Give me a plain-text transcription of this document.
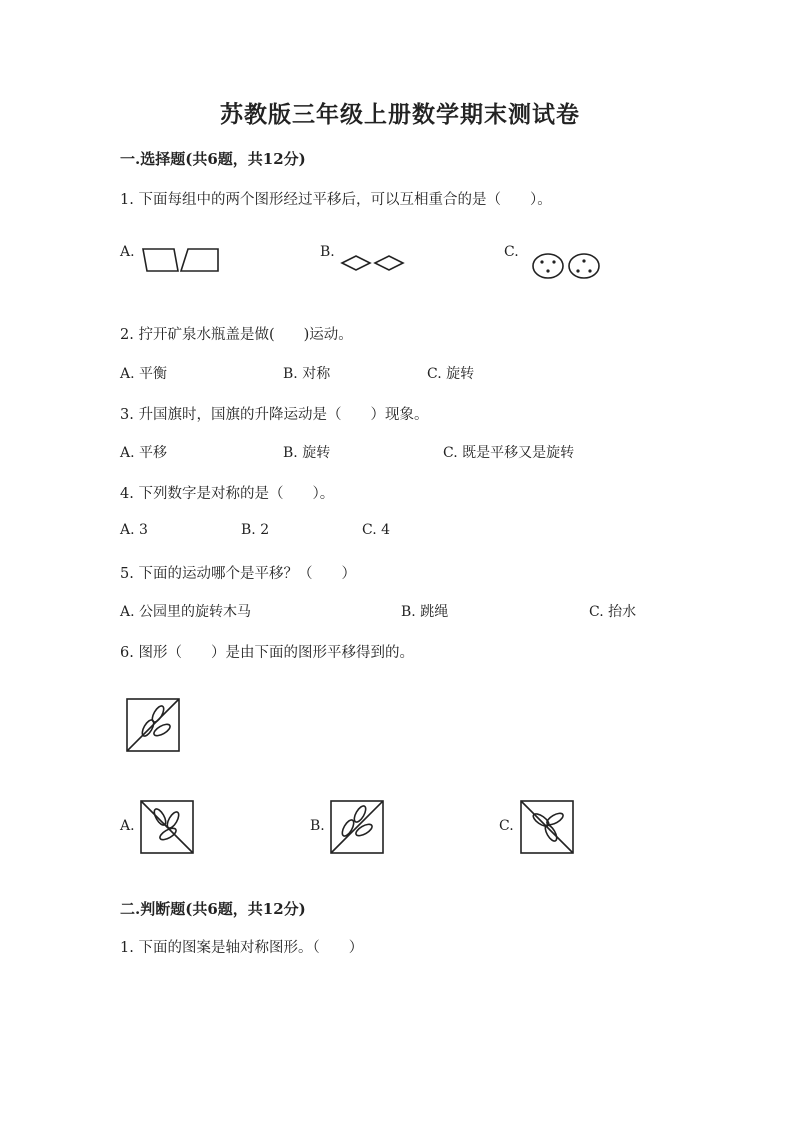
苏教版三年级上册数学期末测试卷
一.选择题(共6题，共12分)
1. 下面每组中的两个图形经过平移后，可以互相重合的是（　　）。
A.	B.	C.
2. 拧开矿泉水瓶盖是做(　　)运动。
A. 平衡	B. 对称	C. 旋转
3. 升国旗时，国旗的升降运动是（　　）现象。
A. 平移	B. 旋转	C. 既是平移又是旋转
4. 下列数字是对称的是（　　）。
A. 3	B. 2	C. 4
5. 下面的运动哪个是平移？（　　）
A. 公园里的旋转木马	B. 跳绳	C. 抬水
6. 图形（　　）是由下面的图形平移得到的。
A.	B.	C.
二.判断题(共6题，共12分)
1. 下面的图案是轴对称图形。（　　）
